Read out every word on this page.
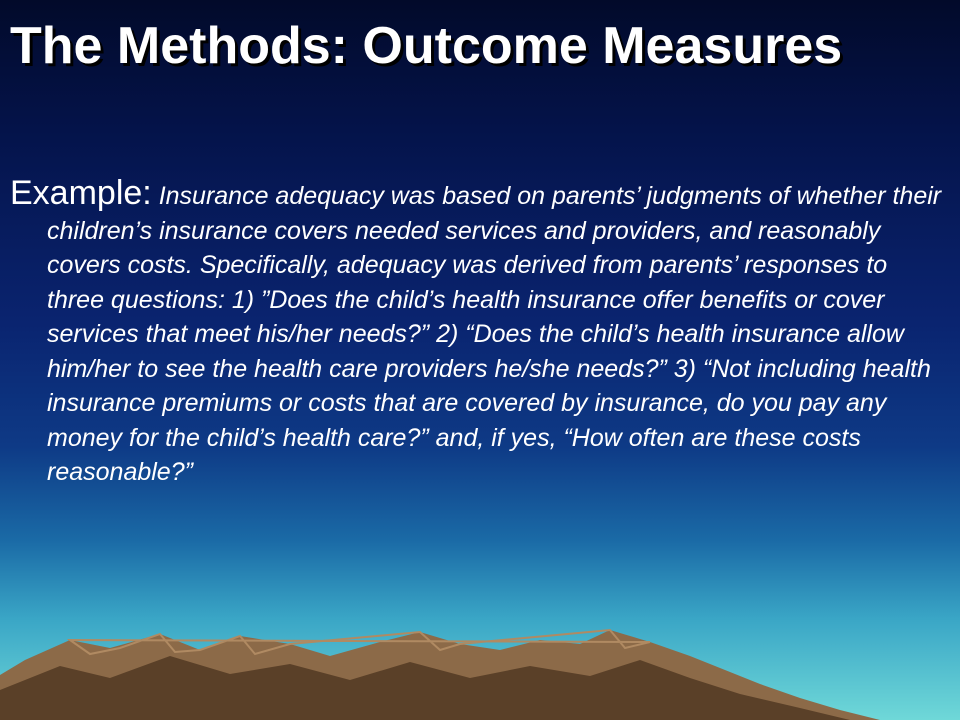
The Methods: Outcome Measures

Example: Insurance adequacy was based on parents’ judgments of whether their children’s insurance covers needed services and providers, and reasonably covers costs. Specifically, adequacy was derived from parents’ responses to three questions: 1) ”Does the child’s health insurance offer benefits or cover services that meet his/her needs?” 2) “Does the child’s health insurance allow him/her to see the health care providers he/she needs?” 3) “Not including health insurance premiums or costs that are covered by insurance, do you pay any money for the child’s health care?” and, if yes, “How often are these costs reasonable?”
